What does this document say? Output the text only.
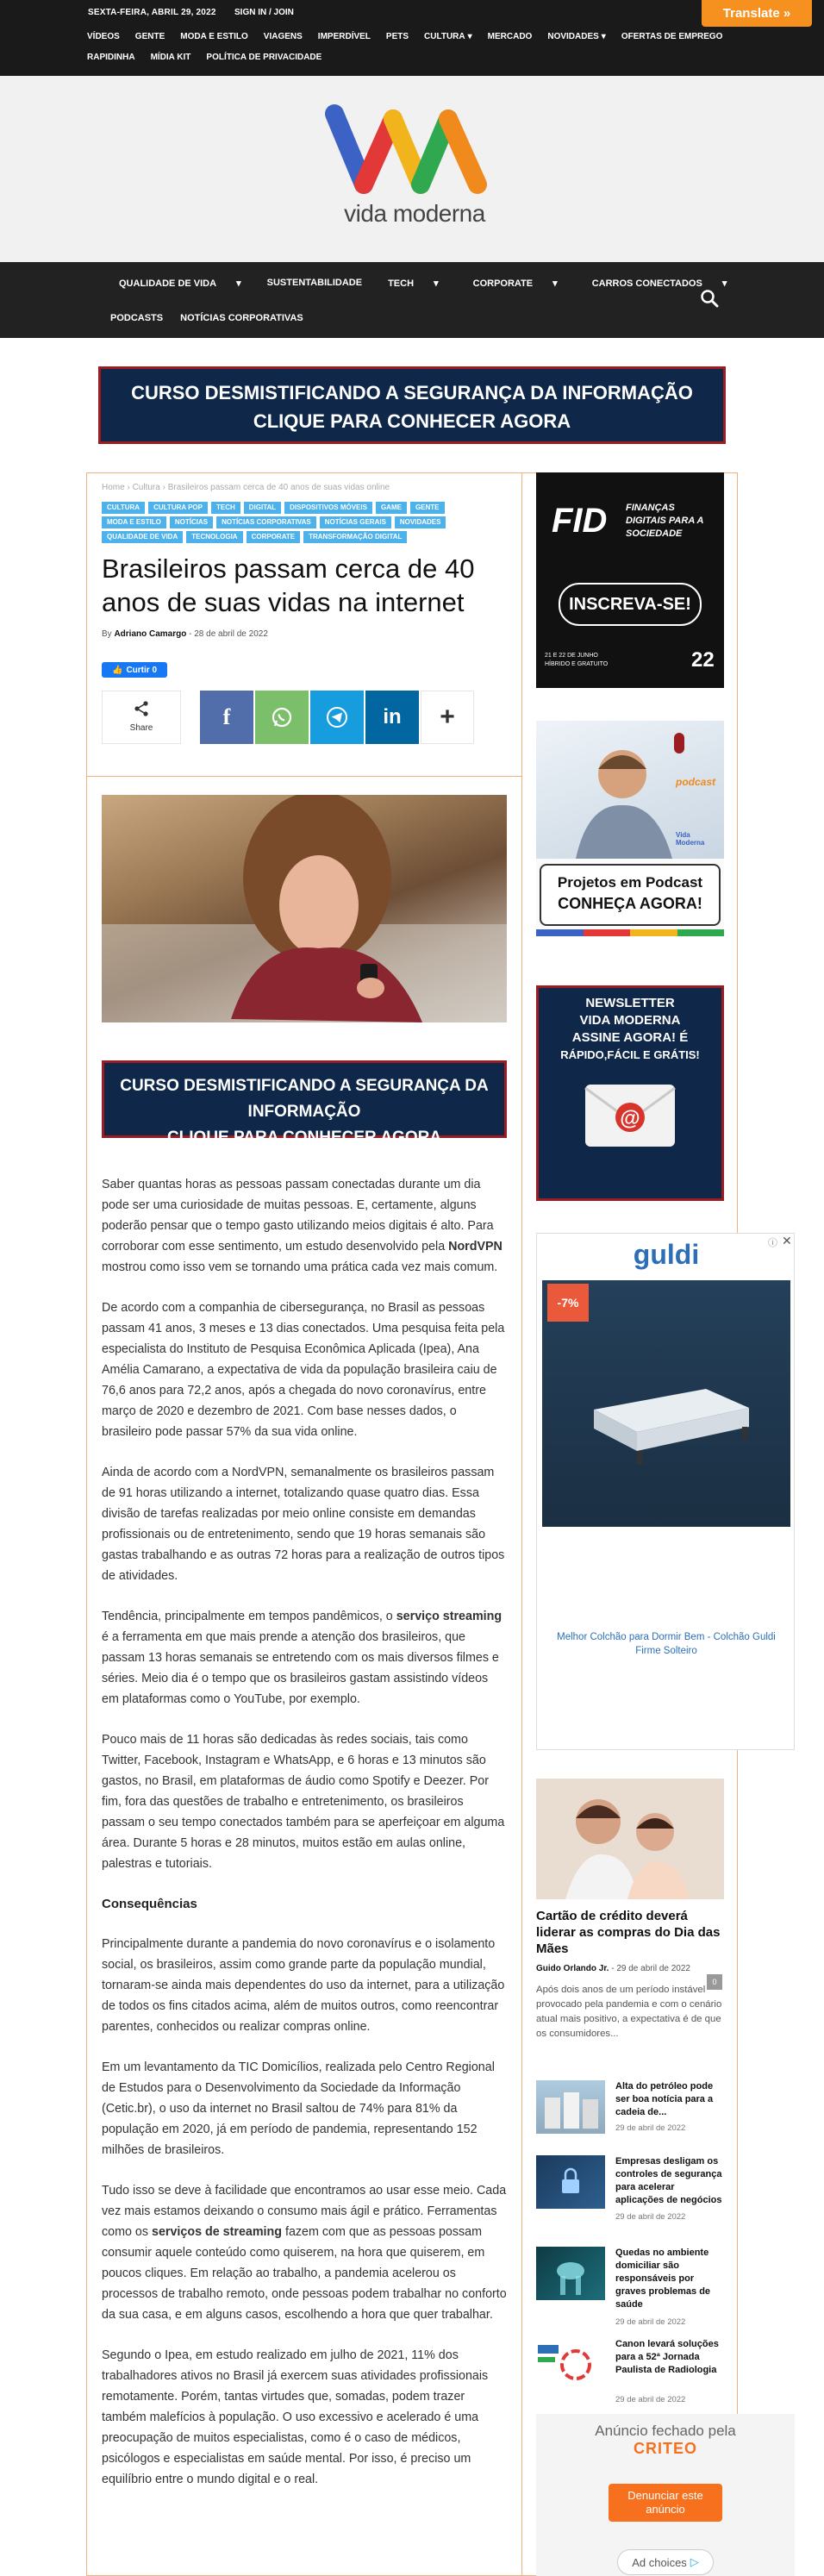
SEXTA-FEIRA, ABRIL 29, 2022 SIGN IN / JOIN
VÍDEOS	GENTE	MODA E ESTILO	VIAGENS	IMPERDÍVEL	PETS	CULTURA ▾	MERCADO	NOVIDADES ▾	OFERTAS DE EMPREGO
RAPIDINHA	MÍDIA KIT	POLÍTICA DE PRIVACIDADE
Translate »
vida moderna
QUALIDADE DE VIDA ▾	SUSTENTABILIDADE	TECH ▾	CORPORATE ▾	CARROS CONECTADOS ▾
PODCASTS	NOTÍCIAS CORPORATIVAS
CURSO DESMISTIFICANDO A SEGURANÇA DA INFORMAÇÃO
CLIQUE PARA CONHECER AGORA
Home › Cultura › Brasileiros passam cerca de 40 anos de suas vidas online
CULTURA	CULTURA POP	TECH	DIGITAL	DISPOSITIVOS MÓVEIS	GAME	GENTE
MODA E ESTILO	NOTÍCIAS	NOTÍCIAS CORPORATIVAS	NOTÍCIAS GERAIS	NOVIDADES
QUALIDADE DE VIDA	TECNOLOGIA	CORPORATE	TRANSFORMAÇÃO DIGITAL
Brasileiros passam cerca de 40 anos de suas vidas na internet
By Adriano Camargo - 28 de abril de 2022
👍 Curtir 0
Share	f	in +
CURSO DESMISTIFICANDO A SEGURANÇA DA INFORMAÇÃO
CLIQUE PARA CONHECER AGORA

Saber quantas horas as pessoas passam conectadas durante um dia pode ser uma curiosidade de muitas pessoas. E, certamente, alguns poderão pensar que o tempo gasto utilizando meios digitais é alto. Para corroborar com esse sentimento, um estudo desenvolvido pela NordVPN mostrou como isso vem se tornando uma prática cada vez mais comum.

De acordo com a companhia de cibersegurança, no Brasil as pessoas passam 41 anos, 3 meses e 13 dias conectados. Uma pesquisa feita pela especialista do Instituto de Pesquisa Econômica Aplicada (Ipea), Ana Amélia Camarano, a expectativa de vida da população brasileira caiu de 76,6 anos para 72,2 anos, após a chegada do novo coronavírus, entre março de 2020 e dezembro de 2021. Com base nesses dados, o brasileiro pode passar 57% da sua vida online.

Ainda de acordo com a NordVPN, semanalmente os brasileiros passam de 91 horas utilizando a internet, totalizando quase quatro dias. Essa divisão de tarefas realizadas por meio online consiste em demandas profissionais ou de entretenimento, sendo que 19 horas semanais são gastas trabalhando e as outras 72 horas para a realização de outros tipos de atividades.

Tendência, principalmente em tempos pandêmicos, o serviço streaming é a ferramenta em que mais prende a atenção dos brasileiros, que passam 13 horas semanais se entretendo com os mais diversos filmes e séries. Meio dia é o tempo que os brasileiros gastam assistindo vídeos em plataformas como o YouTube, por exemplo.

Pouco mais de 11 horas são dedicadas às redes sociais, tais como Twitter, Facebook, Instagram e WhatsApp, e 6 horas e 13 minutos são gastos, no Brasil, em plataformas de áudio como Spotify e Deezer. Por fim, fora das questões de trabalho e entretenimento, os brasileiros passam o seu tempo conectados também para se aperfeiçoar em alguma área. Durante 5 horas e 28 minutos, muitos estão em aulas online, palestras e tutoriais.

Consequências

Principalmente durante a pandemia do novo coronavírus e o isolamento social, os brasileiros, assim como grande parte da população mundial, tornaram-se ainda mais dependentes do uso da internet, para a utilização de todos os fins citados acima, além de muitos outros, como reencontrar parentes, conhecidos ou realizar compras online.

Em um levantamento da TIC Domicílios, realizada pelo Centro Regional de Estudos para o Desenvolvimento da Sociedade da Informação (Cetic.br), o uso da internet no Brasil saltou de 74% para 81% da população em 2020, já em período de pandemia, representando 152 milhões de brasileiros.

Tudo isso se deve à facilidade que encontramos ao usar esse meio. Cada vez mais estamos deixando o consumo mais ágil e prático. Ferramentas como os serviços de streaming fazem com que as pessoas possam consumir aquele conteúdo como quiserem, na hora que quiserem, em poucos cliques. Em relação ao trabalho, a pandemia acelerou os processos de trabalho remoto, onde pessoas podem trabalhar no conforto da sua casa, e em alguns casos, escolhendo a hora que quer trabalhar.

Segundo o Ipea, em estudo realizado em julho de 2021, 11% dos trabalhadores ativos no Brasil já exercem suas atividades profissionais remotamente. Porém, tantas virtudes que, somadas, podem trazer também malefícios à população. O uso excessivo e acelerado é uma preocupação de muitos especialistas, como é o caso de médicos, psicólogos e especialistas em saúde mental. Por isso, é preciso um equilíbrio entre o mundo digital e o real.

FID FINANÇAS DIGITAIS PARA A SOCIEDADE
INSCREVA-SE!
21 E 22 DE JUNHO
HÍBRIDO E GRATUITO	22
podcast
Vida Moderna
Projetos em Podcast
CONHEÇA AGORA!
NEWSLETTER
VIDA MODERNA
ASSINE AGORA! É
RÁPIDO,FÁCIL E GRÁTIS!
@
ⓘ ✕
guldi
-7%
Melhor Colchão para Dormir Bem - Colchão Guldi Firme Solteiro
Cartão de crédito deverá liderar as compras do Dia das Mães
Guido Orlando Jr. - 29 de abril de 2022
0
Após dois anos de um período instável provocado pela pandemia e com o cenário atual mais positivo, a expectativa é de que os consumidores...
Alta do petróleo pode ser boa notícia para a cadeia de...
29 de abril de 2022
Empresas desligam os controles de segurança para acelerar aplicações de negócios
29 de abril de 2022
Quedas no ambiente domiciliar são responsáveis por graves problemas de saúde
29 de abril de 2022
Canon levará soluções para a 52ª Jornada Paulista de Radiologia
29 de abril de 2022
Anúncio fechado pela
CRITEO
Denunciar este anúncio
Ad choices ▷
